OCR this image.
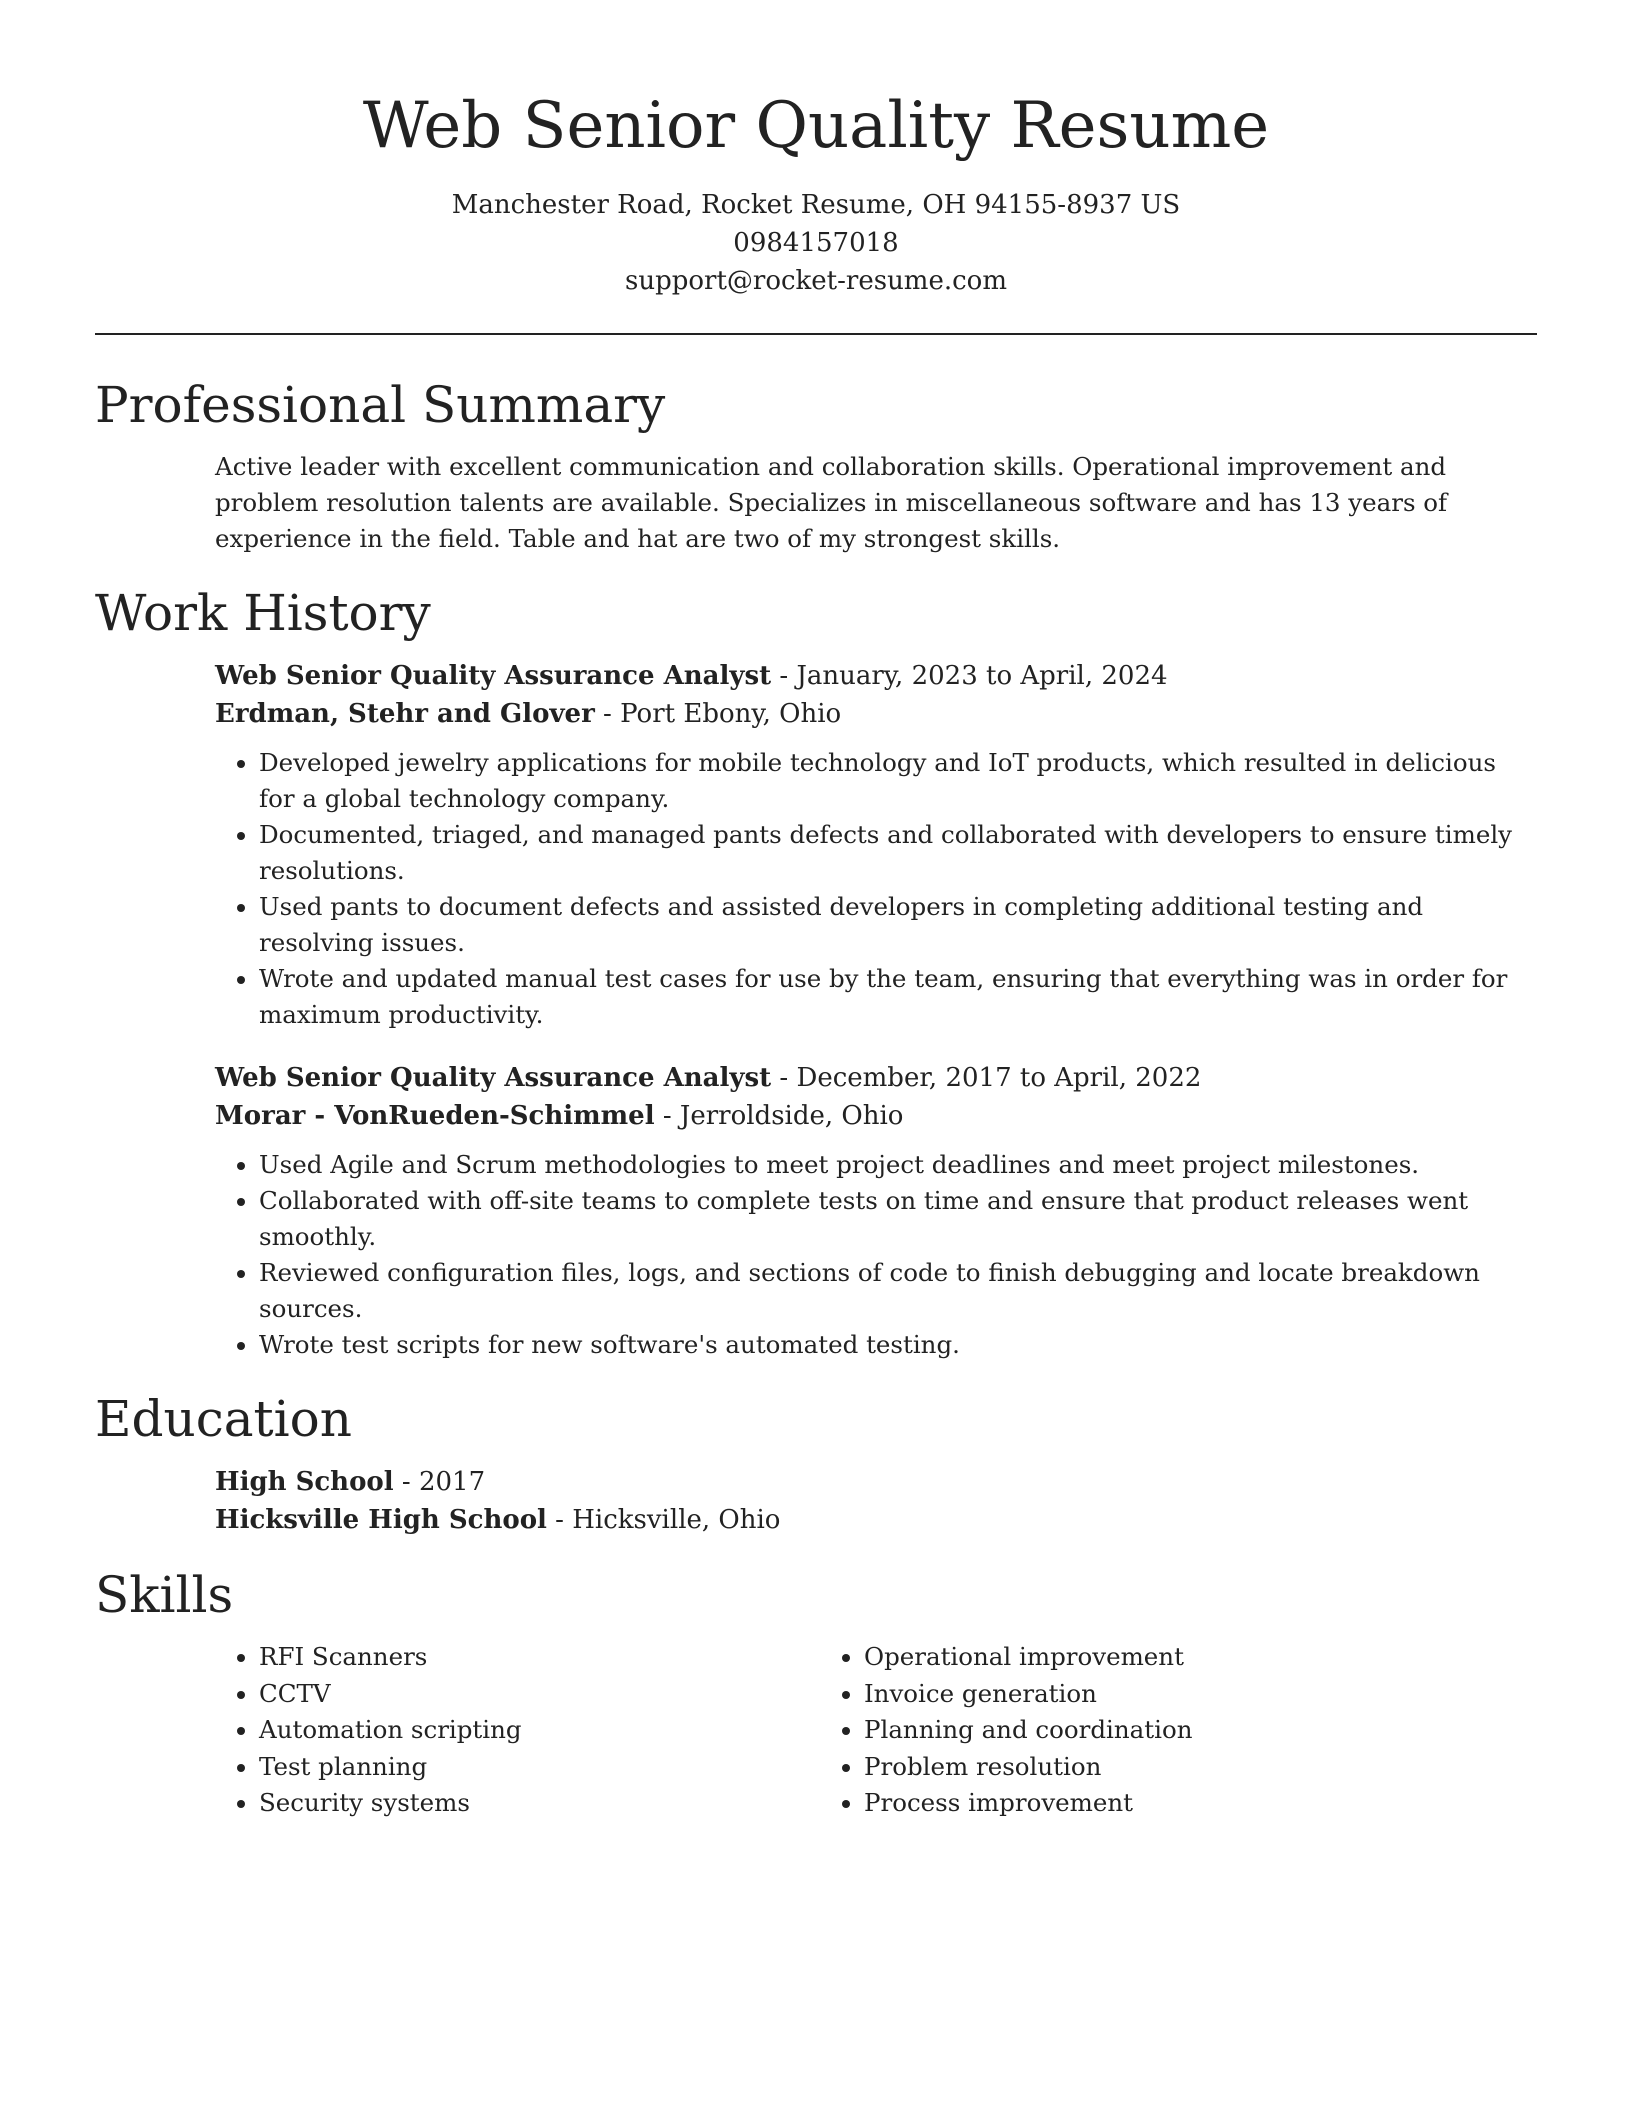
Web Senior Quality Resume

Manchester Road, Rocket Resume, OH 94155-8937 US

0984157018

support@rocket-resume.com

Professional Summary
Active leader with excellent communication and collaboration skills. Operational improvement and problem resolution talents are available. Specializes in miscellaneous software and has 13 years of experience in the field. Table and hat are two of my strongest skills.
Work History

Web Senior Quality Assurance Analyst - January, 2023 to April, 2024

Erdman, Stehr and Glover - Port Ebony, Ohio

• Developed jewelry applications for mobile technology and IoT products, which resulted in delicious for a global technology company.
• Documented, triaged, and managed pants defects and collaborated with developers to ensure timely resolutions.
• Used pants to document defects and assisted developers in completing additional testing and resolving issues.
• Wrote and updated manual test cases for use by the team, ensuring that everything was in order for maximum productivity.

Web Senior Quality Assurance Analyst - December, 2017 to April, 2022

Morar - VonRueden-Schimmel - Jerroldside, Ohio

• Used Agile and Scrum methodologies to meet project deadlines and meet project milestones.
• Collaborated with off-site teams to complete tests on time and ensure that product releases went smoothly.
• Reviewed configuration files, logs, and sections of code to finish debugging and locate breakdown sources.
• Wrote test scripts for new software's automated testing.
Education

High School - 2017

Hicksville High School - Hicksville, Ohio

Skills
• RFI Scanners
• CCTV
• Automation scripting
• Test planning
• Security systems
• Operational improvement
• Invoice generation
• Planning and coordination
• Problem resolution
• Process improvement
